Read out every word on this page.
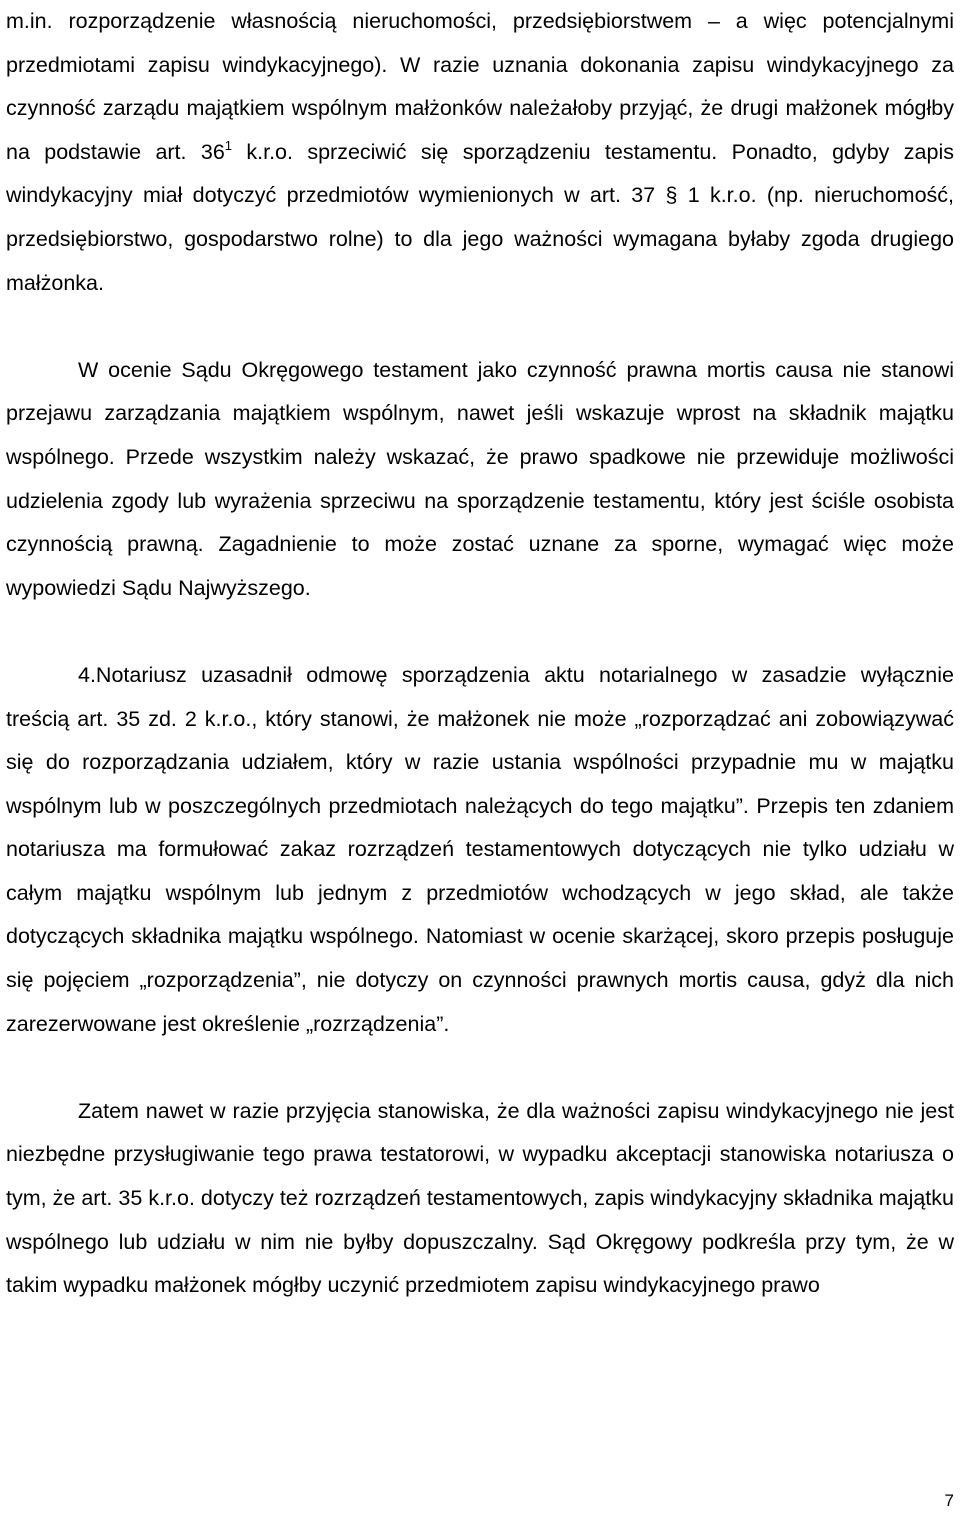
m.in. rozporządzenie własnością nieruchomości, przedsiębiorstwem – a więc potencjalnymi przedmiotami zapisu windykacyjnego). W razie uznania dokonania zapisu windykacyjnego za czynność zarządu majątkiem wspólnym małżonków należałoby przyjąć, że drugi małżonek mógłby na podstawie art. $36^1$ k.r.o. sprzeciwić się sporządzeniu testamentu. Ponadto, gdyby zapis windykacyjny miał dotyczyć przedmiotów wymienionych w art. 37 § 1 k.r.o. (np. nieruchomość, przedsiębiorstwo, gospodarstwo rolne) to dla jego ważności wymagana byłaby zgoda drugiego małżonka.

W ocenie Sądu Okręgowego testament jako czynność prawna mortis causa nie stanowi przejawu zarządzania majątkiem wspólnym, nawet jeśli wskazuje wprost na składnik majątku wspólnego. Przede wszystkim należy wskazać, że prawo spadkowe nie przewiduje możliwości udzielenia zgody lub wyrażenia sprzeciwu na sporządzenie testamentu, który jest ściśle osobista czynnością prawną. Zagadnienie to może zostać uznane za sporne, wymagać więc może wypowiedzi Sądu Najwyższego.

4.Notariusz uzasadnił odmowę sporządzenia aktu notarialnego w zasadzie wyłącznie treścią art. 35 zd. 2 k.r.o., który stanowi, że małżonek nie może „rozporządzać ani zobowiązywać się do rozporządzania udziałem, który w razie ustania wspólności przypadnie mu w majątku wspólnym lub w poszczególnych przedmiotach należących do tego majątku”. Przepis ten zdaniem notariusza ma formułować zakaz rozrządzeń testamentowych dotyczących nie tylko udziału w całym majątku wspólnym lub jednym z przedmiotów wchodzących w jego skład, ale także dotyczących składnika majątku wspólnego. Natomiast w ocenie skarżącej, skoro przepis posługuje się pojęciem „rozporządzenia”, nie dotyczy on czynności prawnych mortis causa, gdyż dla nich zarezerwowane jest określenie „rozrządzenia”.

Zatem nawet w razie przyjęcia stanowiska, że dla ważności zapisu windykacyjnego nie jest niezbędne przysługiwanie tego prawa testatorowi, w wypadku akceptacji stanowiska notariusza o tym, że art. 35 k.r.o. dotyczy też rozrządzeń testamentowych, zapis windykacyjny składnika majątku wspólnego lub udziału w nim nie byłby dopuszczalny. Sąd Okręgowy podkreśla przy tym, że w takim wypadku małżonek mógłby uczynić przedmiotem zapisu windykacyjnego prawo

7
